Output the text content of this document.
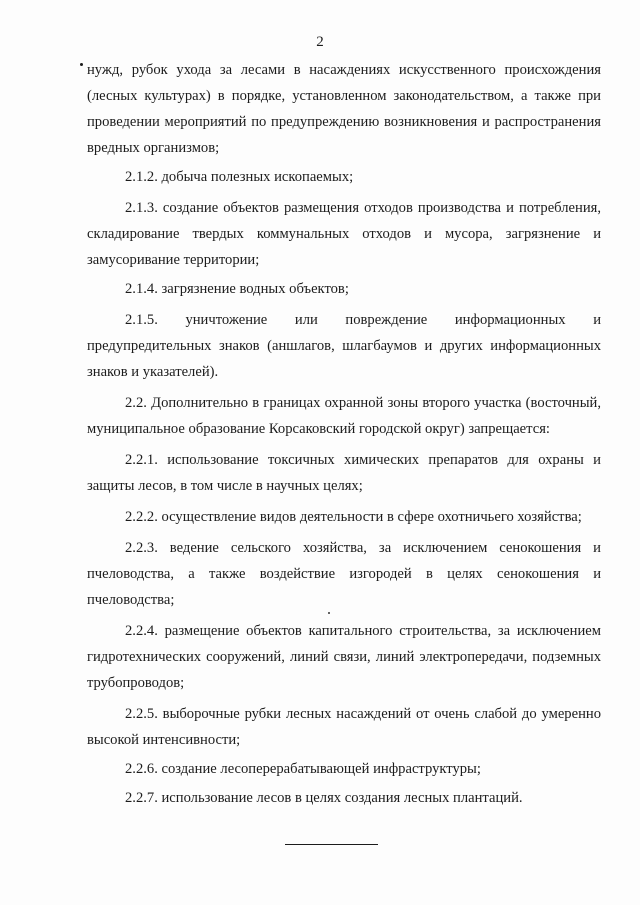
2

нужд, рубок ухода за лесами в насаждениях искусственного происхождения (лесных культурах) в порядке, установленном законодательством, а также при проведении мероприятий по предупреждению возникновения и распространения вредных организмов;

2.1.2. добыча полезных ископаемых;

2.1.3. создание объектов размещения отходов производства и потребления, складирование твердых коммунальных отходов и мусора, загрязнение и замусоривание территории;

2.1.4. загрязнение водных объектов;

2.1.5. уничтожение или повреждение информационных и предупредительных знаков (аншлагов, шлагбаумов и других информационных знаков и указателей).

2.2. Дополнительно в границах охранной зоны второго участка (восточный, муниципальное образование Корсаковский городской округ) запрещается:

2.2.1. использование токсичных химических препаратов для охраны и защиты лесов, в том числе в научных целях;

2.2.2. осуществление видов деятельности в сфере охотничьего хозяйства;

2.2.3. ведение сельского хозяйства, за исключением сенокошения и пчеловодства, а также воздействие изгородей в целях сенокошения и пчеловодства;

2.2.4. размещение объектов капитального строительства, за исключением гидротехнических сооружений, линий связи, линий электропередачи, подземных трубопроводов;

2.2.5. выборочные рубки лесных насаждений от очень слабой до умеренно высокой интенсивности;

2.2.6. создание лесоперерабатывающей инфраструктуры;

2.2.7. использование лесов в целях создания лесных плантаций.
